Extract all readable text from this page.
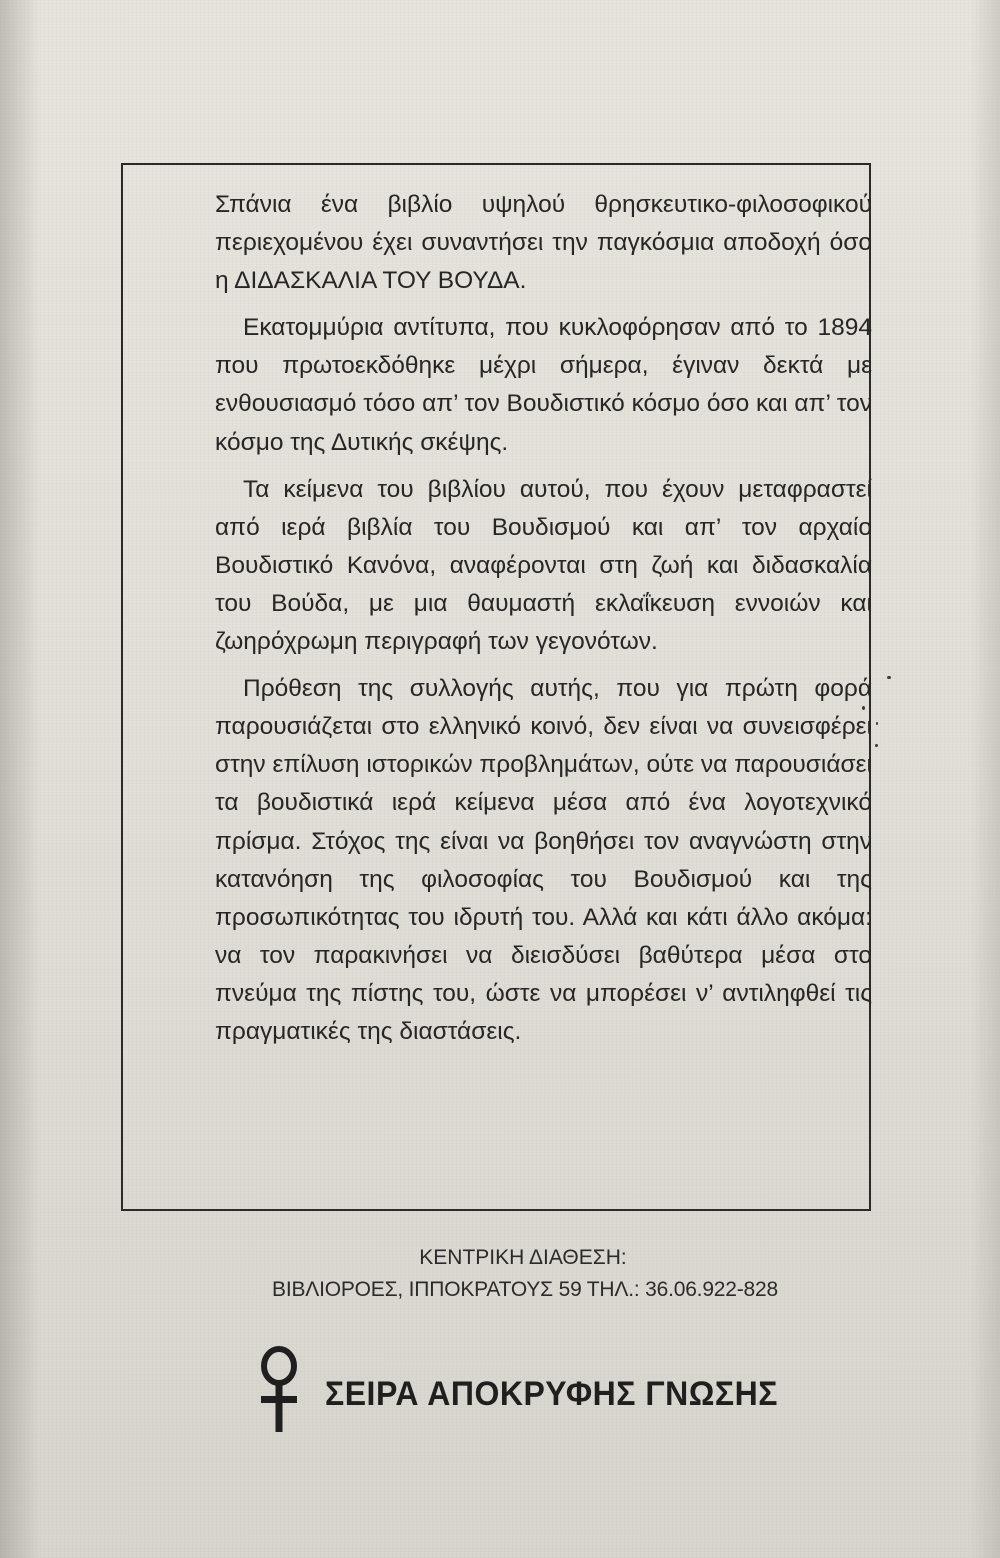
Σπάνια ένα βιβλίο υψηλού θρησκευτικο-φιλοσοφικού περιεχομένου έχει συναντήσει την παγκόσμια αποδοχή όσο η ΔΙΔΑΣΚΑΛΙΑ ΤΟΥ ΒΟΥΔΑ.

Εκατομμύρια αντίτυπα, που κυκλοφόρησαν από το 1894 που πρωτοεκδόθηκε μέχρι σήμερα, έγιναν δεκτά με ενθουσιασμό τόσο απ’ τον Βουδιστικό κόσμο όσο και απ’ τον κόσμο της Δυτικής σκέψης.

Τα κείμενα του βιβλίου αυτού, που έχουν μεταφραστεί από ιερά βιβλία του Βουδισμού και απ’ τον αρχαίο Βουδιστικό Κανόνα, αναφέρονται στη ζωή και διδασκαλία του Βούδα, με μια θαυμαστή εκλαΐκευση εννοιών και ζωηρόχρωμη περιγραφή των γεγονότων.

Πρόθεση της συλλογής αυτής, που για πρώτη φορά παρουσιάζεται στο ελληνικό κοινό, δεν είναι να συνεισφέρει στην επίλυση ιστορικών προβλημάτων, ούτε να παρουσιάσει τα βουδιστικά ιερά κείμενα μέσα από ένα λογοτεχνικό πρίσμα. Στόχος της είναι να βοηθήσει τον αναγνώστη στην κατανόηση της φιλοσοφίας του Βουδισμού και της προσωπικότητας του ιδρυτή του. Αλλά και κάτι άλλο ακόμα: να τον παρακινήσει να διεισδύσει βαθύτερα μέσα στο πνεύμα της πίστης του, ώστε να μπορέσει ν’ αντιληφθεί τις πραγματικές της διαστάσεις.

ΚΕΝΤΡΙΚΗ ΔΙΑΘΕΣΗ:
ΒΙΒΛΙΟΡΟΕΣ, ΙΠΠΟΚΡΑΤΟΥΣ 59 ΤΗΛ.: 36.06.922-828
ΣΕΙΡΑ ΑΠΟΚΡΥΦΗΣ ΓΝΩΣΗΣ
